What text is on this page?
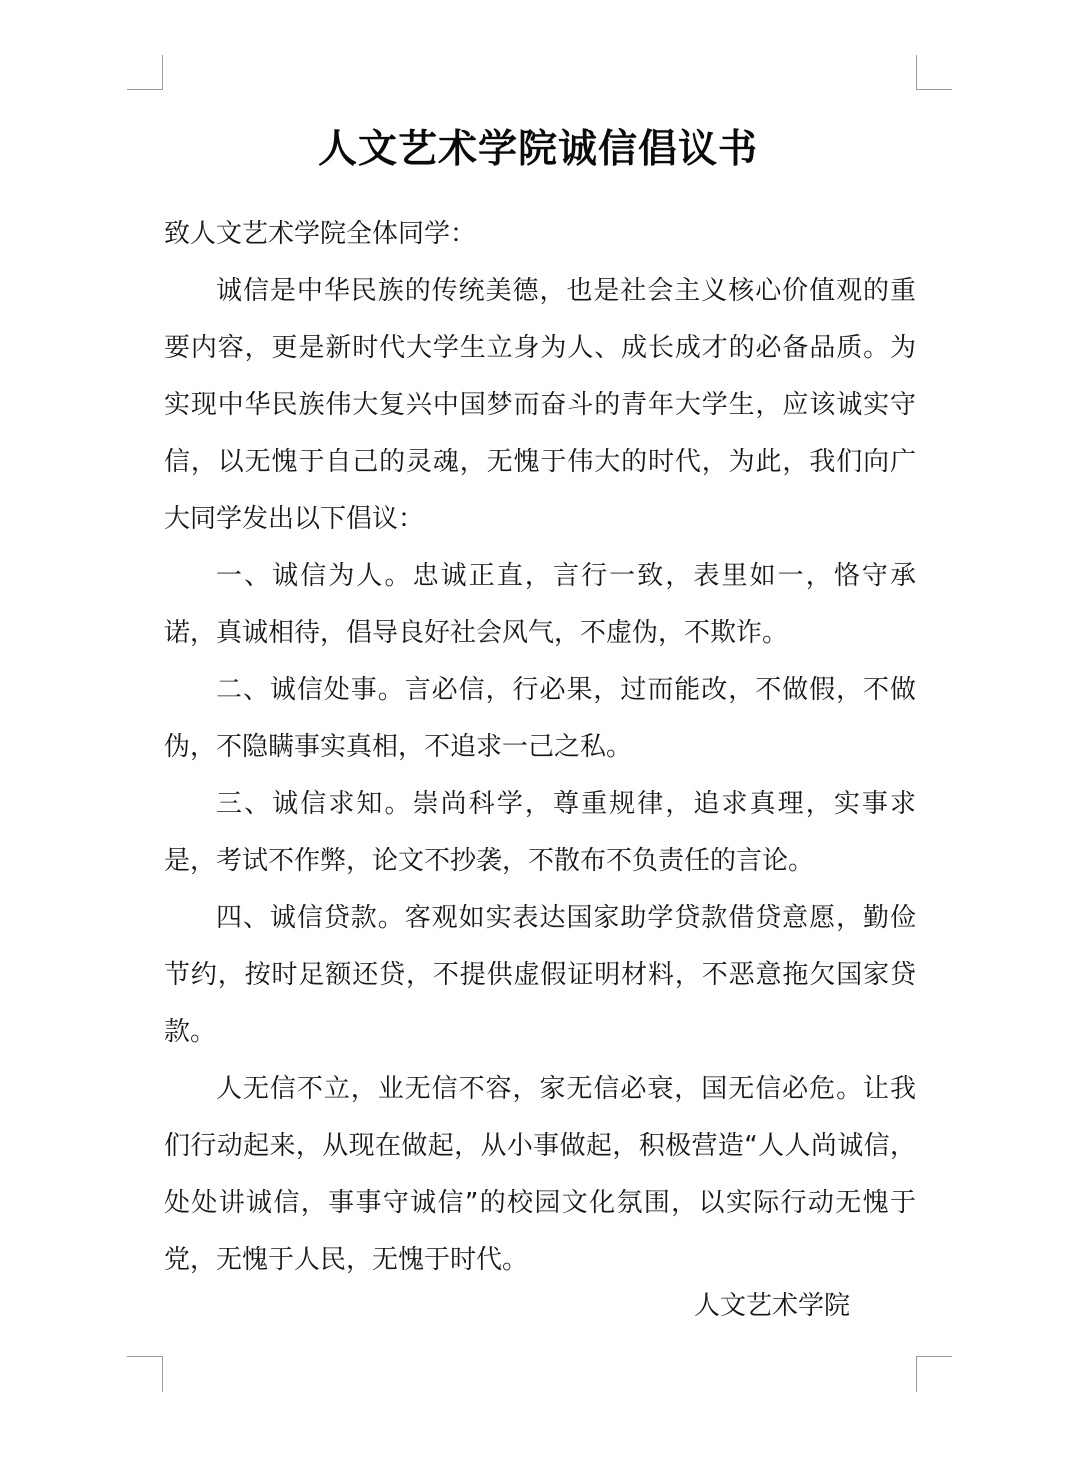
人文艺术学院诚信倡议书

致人文艺术学院全体同学：

诚信是中华民族的传统美德，也是社会主义核心价值观的重要内容，更是新时代大学生立身为人、成长成才的必备品质。为实现中华民族伟大复兴中国梦而奋斗的青年大学生，应该诚实守信，以无愧于自己的灵魂，无愧于伟大的时代，为此，我们向广大同学发出以下倡议：

一、诚信为人。忠诚正直，言行一致，表里如一，恪守承诺，真诚相待，倡导良好社会风气，不虚伪，不欺诈。

二、诚信处事。言必信，行必果，过而能改，不做假，不做伪，不隐瞒事实真相，不追求一己之私。

三、诚信求知。崇尚科学，尊重规律，追求真理，实事求是，考试不作弊，论文不抄袭，不散布不负责任的言论。

四、诚信贷款。客观如实表达国家助学贷款借贷意愿，勤俭节约，按时足额还贷，不提供虚假证明材料，不恶意拖欠国家贷款。

人无信不立，业无信不容，家无信必衰，国无信必危。让我们行动起来，从现在做起，从小事做起，积极营造“人人尚诚信，处处讲诚信，事事守诚信”的校园文化氛围，以实际行动无愧于党，无愧于人民，无愧于时代。

人文艺术学院
